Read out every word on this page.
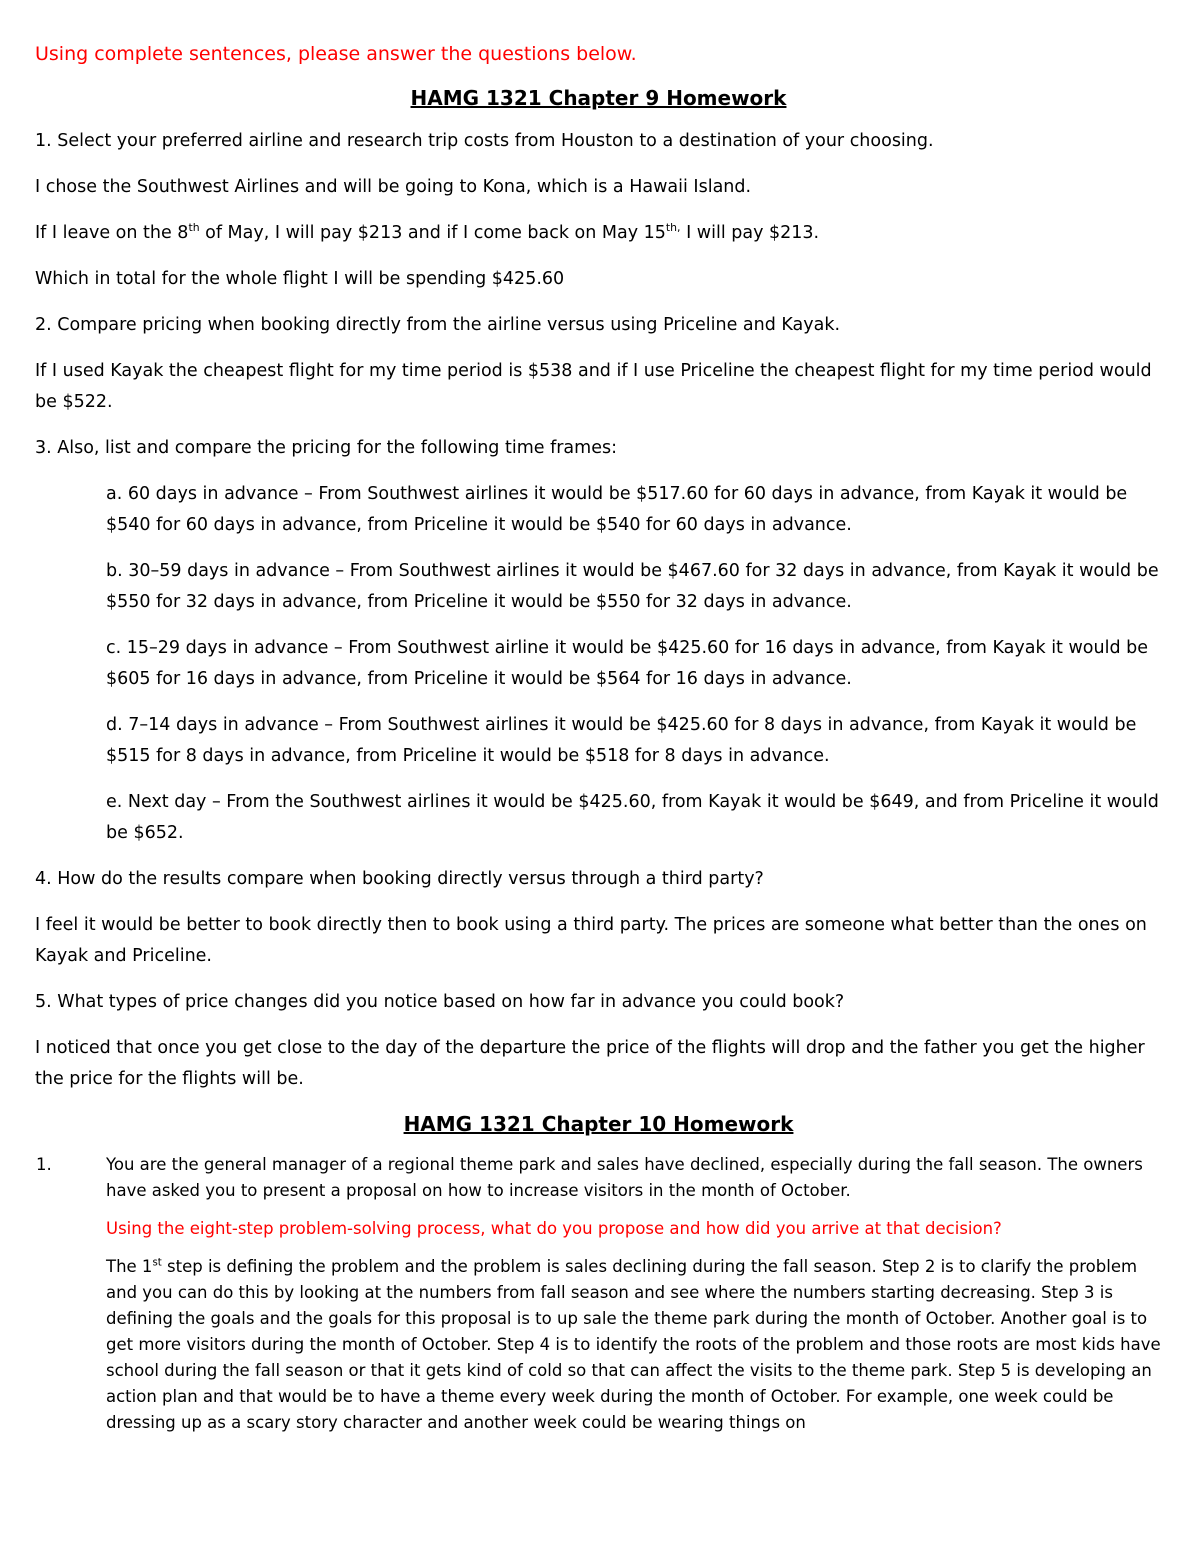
Using complete sentences, please answer the questions below.
HAMG 1321 Chapter 9 Homework
1. Select your preferred airline and research trip costs from Houston to a destination of your choosing.
I chose the Southwest Airlines and will be going to Kona, which is a Hawaii Island.
If I leave on the 8th of May, I will pay $213 and if I come back on May $15^{th,}$ I will pay $213.
Which in total for the whole flight I will be spending $425.60
2. Compare pricing when booking directly from the airline versus using Priceline and Kayak.
If I used Kayak the cheapest flight for my time period is $538 and if I use Priceline the cheapest flight for my time period would be $522.
3. Also, list and compare the pricing for the following time frames:
a. 60 days in advance – From Southwest airlines it would be $517.60 for 60 days in advance, from Kayak it would be $540 for 60 days in advance, from Priceline it would be $540 for 60 days in advance.
b. 30–59 days in advance – From Southwest airlines it would be $467.60 for 32 days in advance, from Kayak it would be $550 for 32 days in advance, from Priceline it would be $550 for 32 days in advance.
c. 15–29 days in advance – From Southwest airline it would be $425.60 for 16 days in advance, from Kayak it would be $605 for 16 days in advance, from Priceline it would be $564 for 16 days in advance.
d. 7–14 days in advance – From Southwest airlines it would be $425.60 for 8 days in advance, from Kayak it would be $515 for 8 days in advance, from Priceline it would be $518 for 8 days in advance.
e. Next day – From the Southwest airlines it would be $425.60, from Kayak it would be $649, and from Priceline it would be $652.
4. How do the results compare when booking directly versus through a third party?
I feel it would be better to book directly then to book using a third party. The prices are someone what better than the ones on Kayak and Priceline.
5. What types of price changes did you notice based on how far in advance you could book?
I noticed that once you get close to the day of the departure the price of the flights will drop and the father you get the higher the price for the flights will be.
HAMG 1321 Chapter 10 Homework
1.	You are the general manager of a regional theme park and sales have declined, especially during the fall season. The owners have asked you to present a proposal on how to increase visitors in the month of October.
Using the eight-step problem-solving process, what do you propose and how did you arrive at that decision?
The 1st step is defining the problem and the problem is sales declining during the fall season. Step 2 is to clarify the problem and you can do this by looking at the numbers from fall season and see where the numbers starting decreasing. Step 3 is defining the goals and the goals for this proposal is to up sale the theme park during the month of October. Another goal is to get more visitors during the month of October. Step 4 is to identify the roots of the problem and those roots are most kids have school during the fall season or that it gets kind of cold so that can affect the visits to the theme park. Step 5 is developing an action plan and that would be to have a theme every week during the month of October. For example, one week could be dressing up as a scary story character and another week could be wearing things on
